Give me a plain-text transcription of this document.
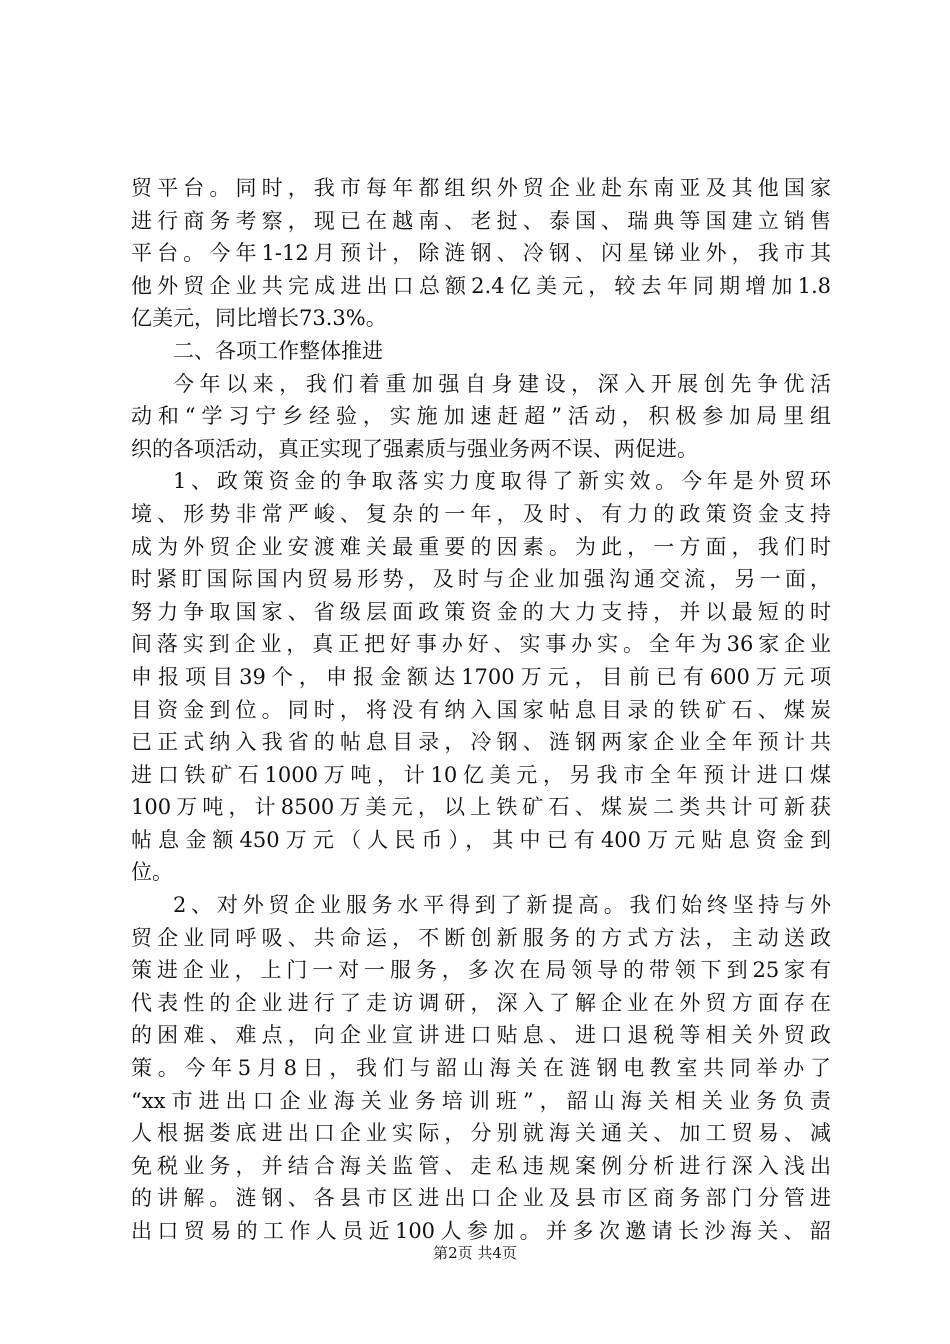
贸平台。同时，我市每年都组织外贸企业赴东南亚及其他国家
进行商务考察，现已在越南、老挝、泰国、瑞典等国建立销售
平台。今年1-12月预计，除涟钢、冷钢、闪星锑业外，我市其
他外贸企业共完成进出口总额2.4亿美元，较去年同期增加1.8
亿美元，同比增长73.3%。
二、各项工作整体推进
今年以来，我们着重加强自身建设，深入开展创先争优活
动和“学习宁乡经验，实施加速赶超”活动，积极参加局里组
织的各项活动，真正实现了强素质与强业务两不误、两促进。
1、政策资金的争取落实力度取得了新实效。今年是外贸环
境、形势非常严峻、复杂的一年，及时、有力的政策资金支持
成为外贸企业安渡难关最重要的因素。为此，一方面，我们时
时紧盯国际国内贸易形势，及时与企业加强沟通交流，另一面，
努力争取国家、省级层面政策资金的大力支持，并以最短的时
间落实到企业，真正把好事办好、实事办实。全年为36家企业
申报项目39个，申报金额达1700万元，目前已有600万元项
目资金到位。同时，将没有纳入国家帖息目录的铁矿石、煤炭
已正式纳入我省的帖息目录，冷钢、涟钢两家企业全年预计共
进口铁矿石1000万吨，计10亿美元，另我市全年预计进口煤
100万吨，计8500万美元，以上铁矿石、煤炭二类共计可新获
帖息金额450万元（人民币），其中已有400万元贴息资金到
位。
2、对外贸企业服务水平得到了新提高。我们始终坚持与外
贸企业同呼吸、共命运，不断创新服务的方式方法，主动送政
策进企业，上门一对一服务，多次在局领导的带领下到25家有
代表性的企业进行了走访调研，深入了解企业在外贸方面存在
的困难、难点，向企业宣讲进口贴息、进口退税等相关外贸政
策。今年5月8日，我们与韶山海关在涟钢电教室共同举办了
“xx市进出口企业海关业务培训班”，韶山海关相关业务负责
人根据娄底进出口企业实际，分别就海关通关、加工贸易、减
免税业务，并结合海关监管、走私违规案例分析进行深入浅出
的讲解。涟钢、各县市区进出口企业及县市区商务部门分管进
出口贸易的工作人员近100人参加。并多次邀请长沙海关、韶
第2页 共4页
